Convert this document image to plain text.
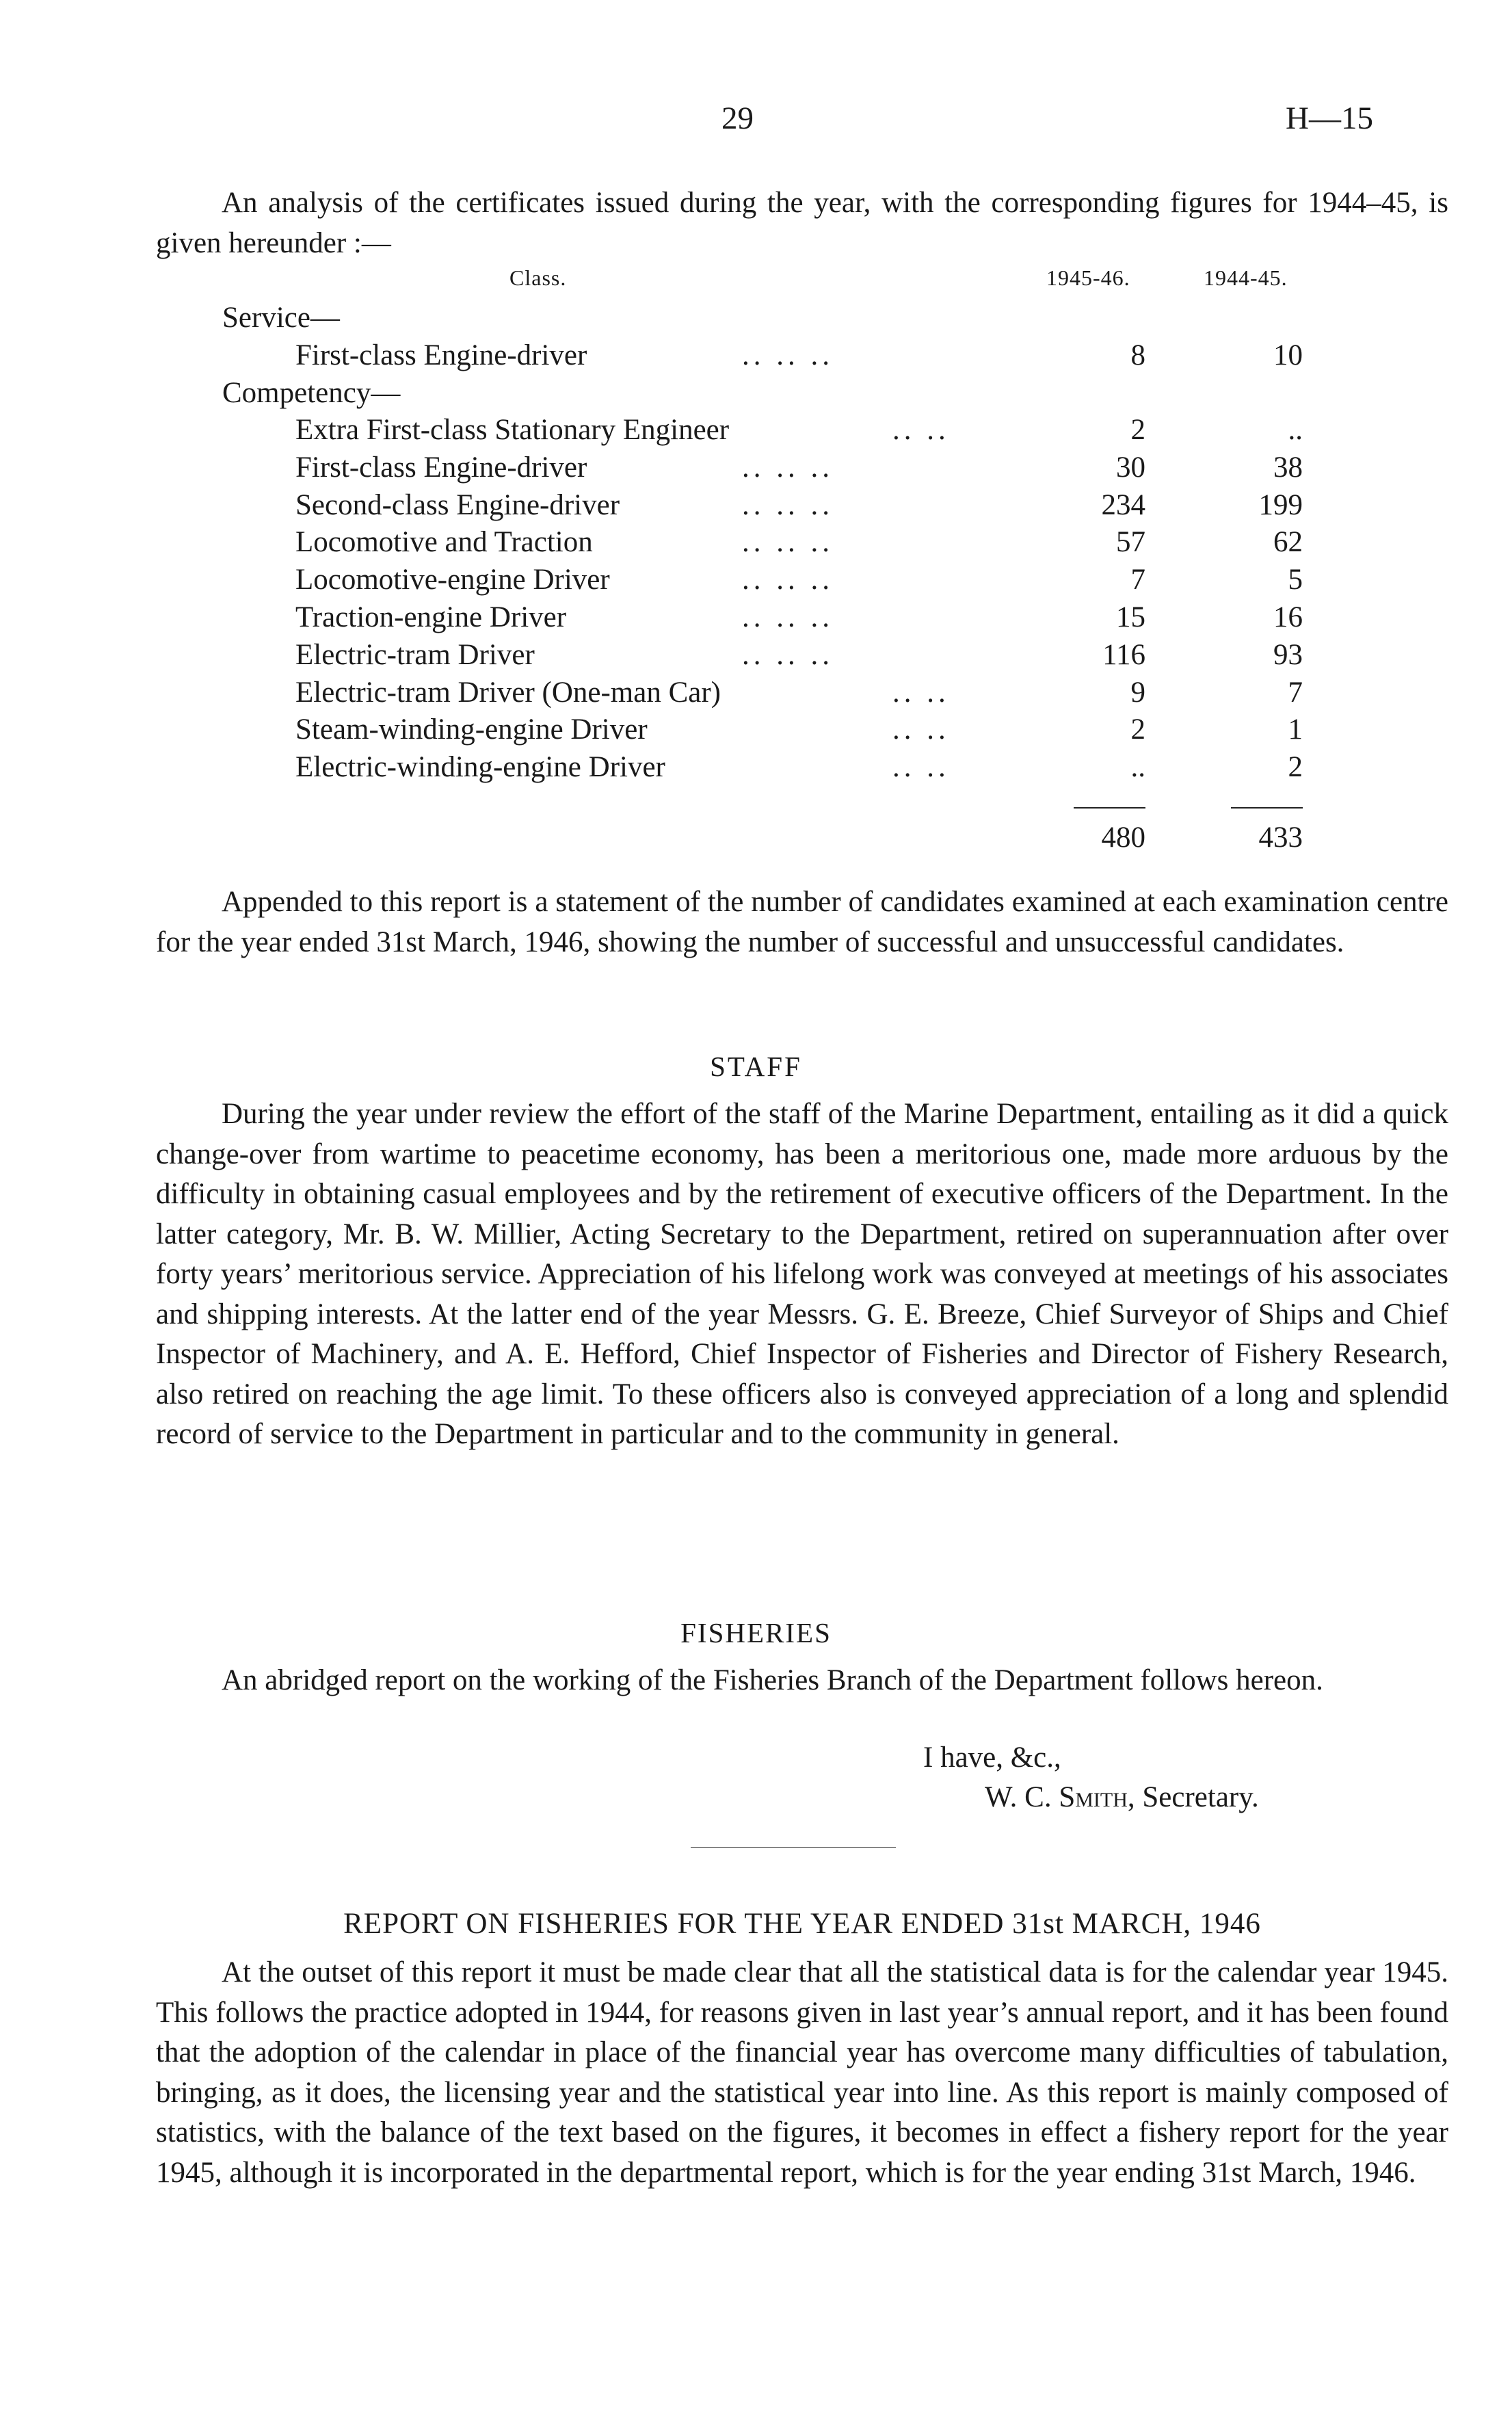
29	H—15

An analysis of the certificates issued during the year, with the corresponding figures for 1944–45, is given hereunder :—

Class.	1945-46.	1944-45.
Service—
First-class Engine-driver	.. .. ..	8	10
Competency—
Extra First-class Stationary Engineer	.. ..	2	..
First-class Engine-driver	.. .. ..	30	38
Second-class Engine-driver	.. .. ..	234	199
Locomotive and Traction	.. .. ..	57	62
Locomotive-engine Driver	.. .. ..	7	5
Traction-engine Driver	.. .. ..	15	16
Electric-tram Driver	.. .. ..	116	93
Electric-tram Driver (One-man Car)	.. ..	9	7
Steam-winding-engine Driver	.. ..	2	1
Electric-winding-engine Driver	.. ..	..	2
480	433

Appended to this report is a statement of the number of candidates examined at each examination centre for the year ended 31st March, 1946, showing the number of successful and unsuccessful candidates.

STAFF

During the year under review the effort of the staff of the Marine Department, entailing as it did a quick change-over from wartime to peacetime economy, has been a meritorious one, made more arduous by the difficulty in obtaining casual employees and by the retirement of executive officers of the Department. In the latter category, Mr. B. W. Millier, Acting Secretary to the Department, retired on superannuation after over forty years’ meritorious service. Appreciation of his lifelong work was conveyed at meetings of his associates and shipping interests. At the latter end of the year Messrs. G. E. Breeze, Chief Surveyor of Ships and Chief Inspector of Machinery, and A. E. Hefford, Chief Inspector of Fisheries and Director of Fishery Research, also retired on reaching the age limit. To these officers also is conveyed appreciation of a long and splendid record of service to the Department in particular and to the community in general.

FISHERIES

An abridged report on the working of the Fisheries Branch of the Department follows hereon.

I have, &c.,
W. C. Smith, Secretary.
REPORT ON FISHERIES FOR THE YEAR ENDED 31st MARCH, 1946

At the outset of this report it must be made clear that all the statistical data is for the calendar year 1945. This follows the practice adopted in 1944, for reasons given in last year’s annual report, and it has been found that the adoption of the calendar in place of the financial year has overcome many difficulties of tabulation, bringing, as it does, the licensing year and the statistical year into line. As this report is mainly composed of statistics, with the balance of the text based on the figures, it becomes in effect a fishery report for the year 1945, although it is incorporated in the departmental report, which is for the year ending 31st March, 1946.
